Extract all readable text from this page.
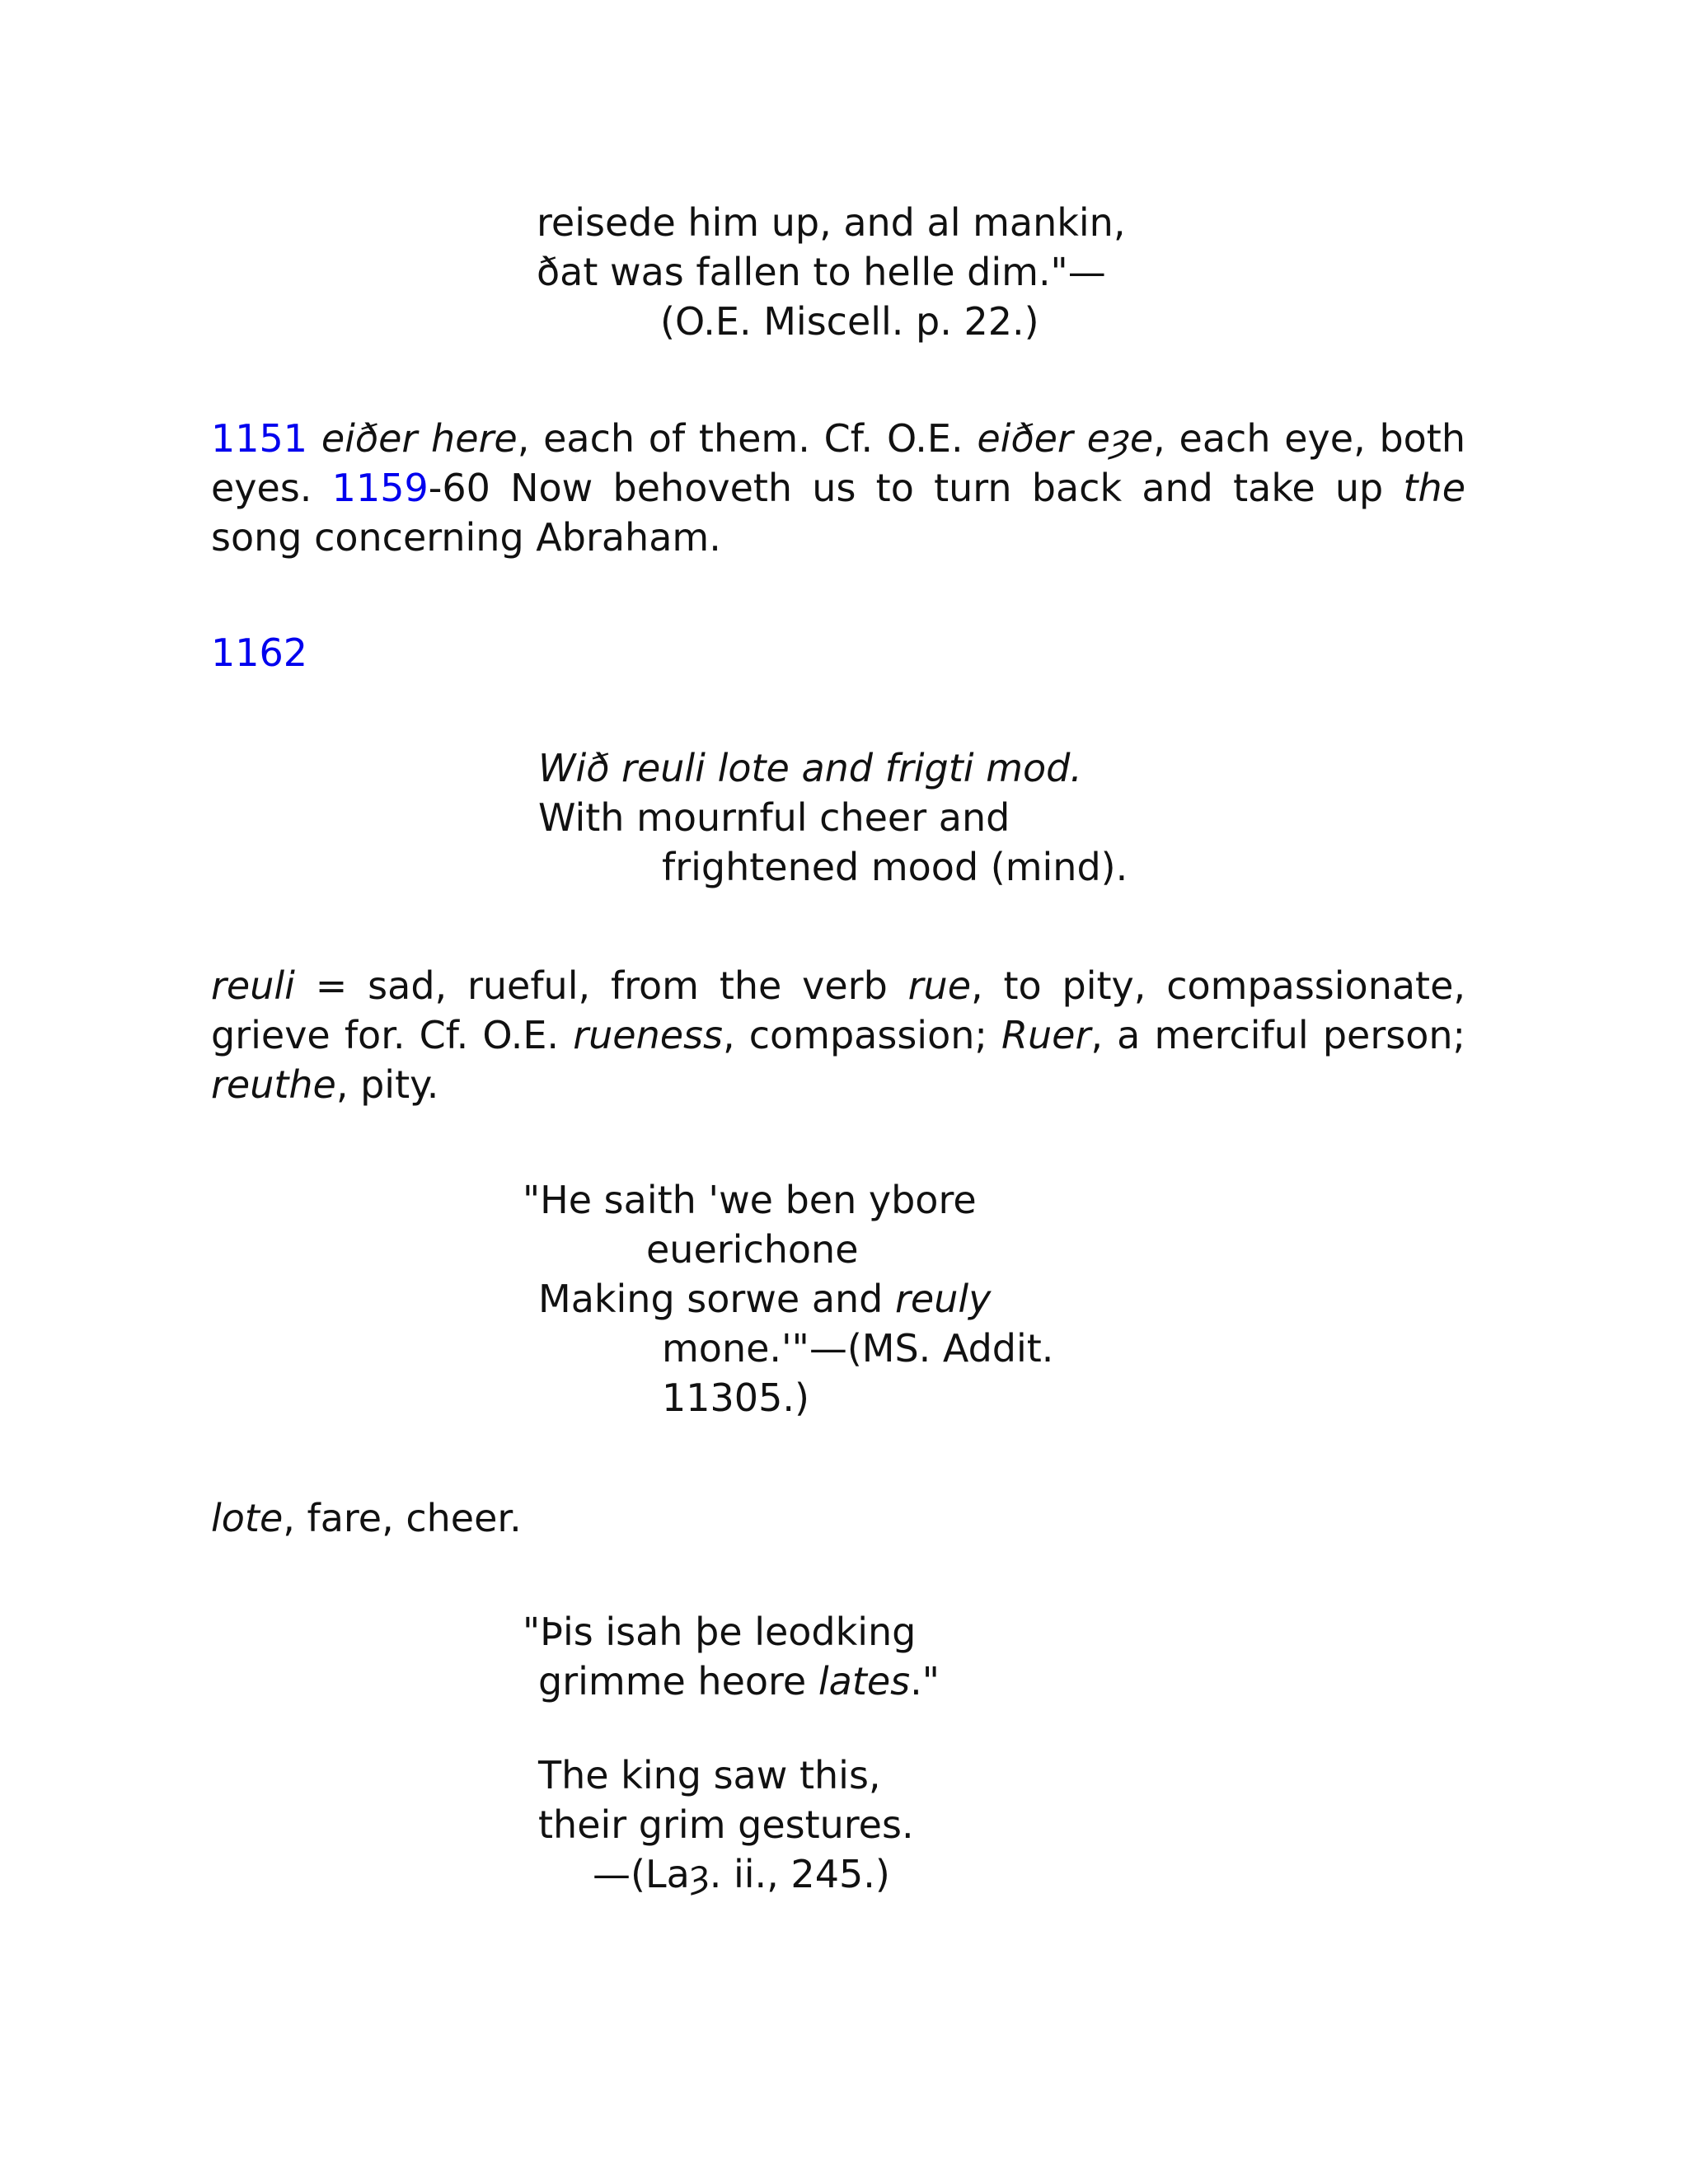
reisede him up, and al mankin,
ðat was fallen to helle dim."—
(O.E. Miscell. p. 22.)
1151 eiðer here, each of them. Cf. O.E. eiðer eȝe, each eye, both eyes. 1159-60 Now behoveth us to turn back and take up the song concerning Abraham.
1162
Wið reuli lote and frigti mod.
With mournful cheer and
frightened mood (mind).
reuli = sad, rueful, from the verb rue, to pity, compassionate, grieve for. Cf. O.E. rueness, compassion; Ruer, a merciful person; reuthe, pity.
"He saith 'we ben ybore
euerichone
Making sorwe and reuly
mone.'"—(MS. Addit.
11305.)
lote, fare, cheer.
"Þis isah þe leodking
grimme heore lates."
The king saw this,
their grim gestures.
—(Laȝ. ii., 245.)
